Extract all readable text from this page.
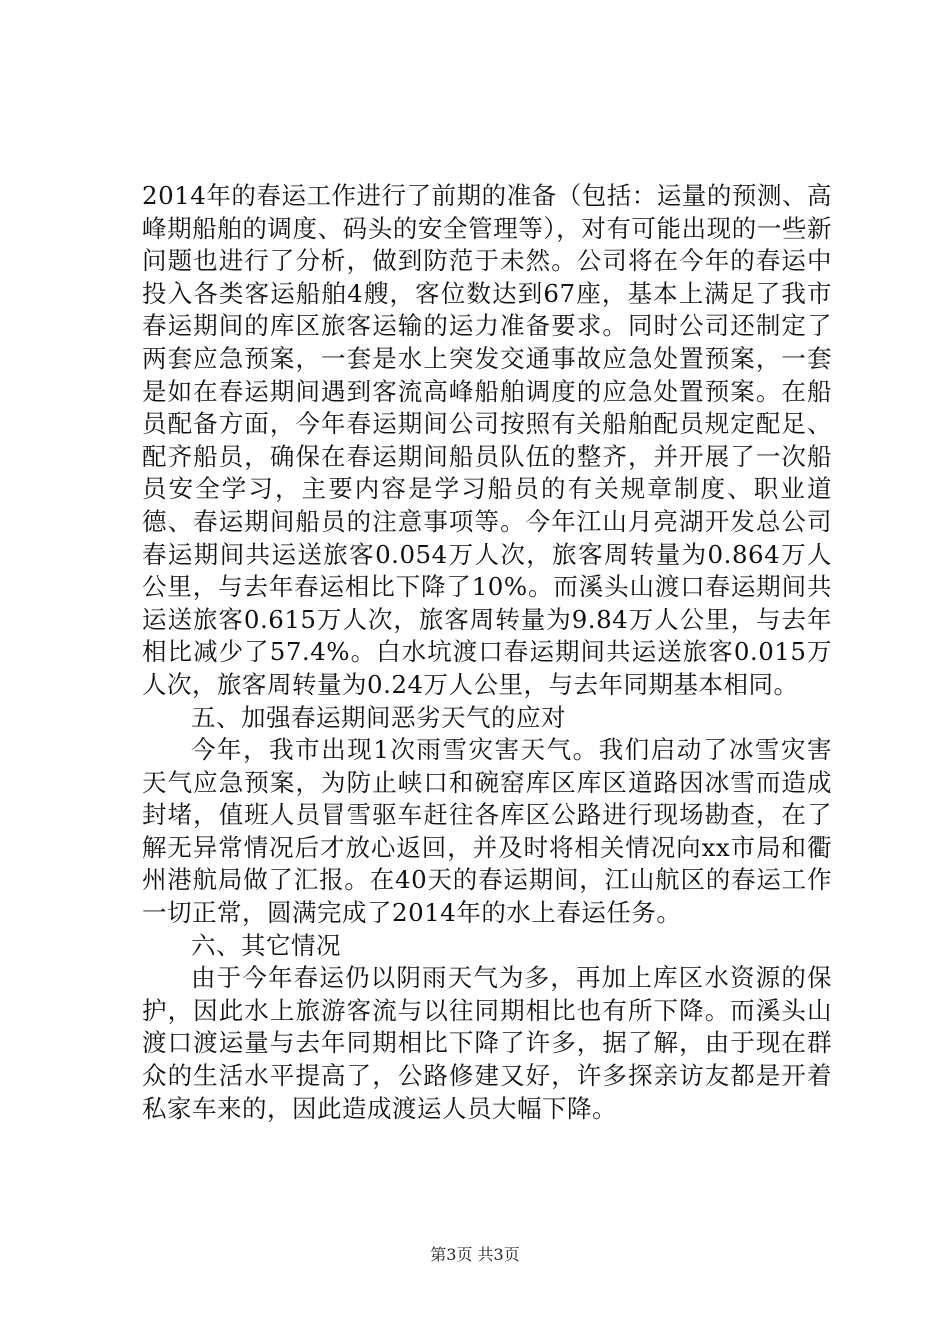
2014年的春运工作进行了前期的准备（包括：运量的预测、高峰期船舶的调度、码头的安全管理等），对有可能出现的一些新问题也进行了分析，做到防范于未然。公司将在今年的春运中投入各类客运船舶4艘，客位数达到67座，基本上满足了我市春运期间的库区旅客运输的运力准备要求。同时公司还制定了两套应急预案，一套是水上突发交通事故应急处置预案，一套是如在春运期间遇到客流高峰船舶调度的应急处置预案。在船员配备方面，今年春运期间公司按照有关船舶配员规定配足、配齐船员，确保在春运期间船员队伍的整齐，并开展了一次船员安全学习，主要内容是学习船员的有关规章制度、职业道德、春运期间船员的注意事项等。今年江山月亮湖开发总公司春运期间共运送旅客0.054万人次，旅客周转量为0.864万人公里，与去年春运相比下降了10%。而溪头山渡口春运期间共运送旅客0.615万人次，旅客周转量为9.84万人公里，与去年相比减少了57.4%。白水坑渡口春运期间共运送旅客0.015万人次，旅客周转量为0.24万人公里，与去年同期基本相同。

五、加强春运期间恶劣天气的应对

今年，我市出现1次雨雪灾害天气。我们启动了冰雪灾害天气应急预案，为防止峡口和碗窑库区库区道路因冰雪而造成封堵，值班人员冒雪驱车赶往各库区公路进行现场勘查，在了解无异常情况后才放心返回，并及时将相关情况向xx市局和衢州港航局做了汇报。在40天的春运期间，江山航区的春运工作一切正常，圆满完成了2014年的水上春运任务。

六、其它情况

由于今年春运仍以阴雨天气为多，再加上库区水资源的保护，因此水上旅游客流与以往同期相比也有所下降。而溪头山渡口渡运量与去年同期相比下降了许多，据了解，由于现在群众的生活水平提高了，公路修建又好，许多探亲访友都是开着私家车来的，因此造成渡运人员大幅下降。

第3页 共3页
